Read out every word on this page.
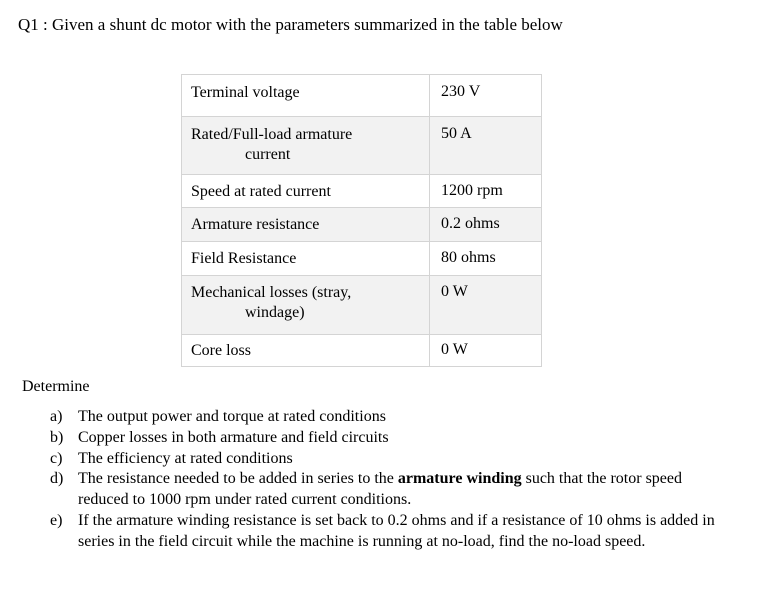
Q1 : Given a shunt dc motor with the parameters summarized in the table below
Terminal voltage	230 V

Rated/Full-load armature
current	50 A

Speed at rated current	1200 rpm

Armature resistance	0.2 ohms

Field Resistance	80 ohms

Mechanical losses (stray,
windage)	0 W

Core loss	0 W
Determine
a) The output power and torque at rated conditions
b) Copper losses in both armature and field circuits
c) The efficiency at rated conditions
d) The resistance needed to be added in series to the armature winding such that the rotor speed reduced to 1000 rpm under rated current conditions.
e) If the armature winding resistance is set back to 0.2 ohms and if a resistance of 10 ohms is added in series in the field circuit while the machine is running at no-load, find the no-load speed.
